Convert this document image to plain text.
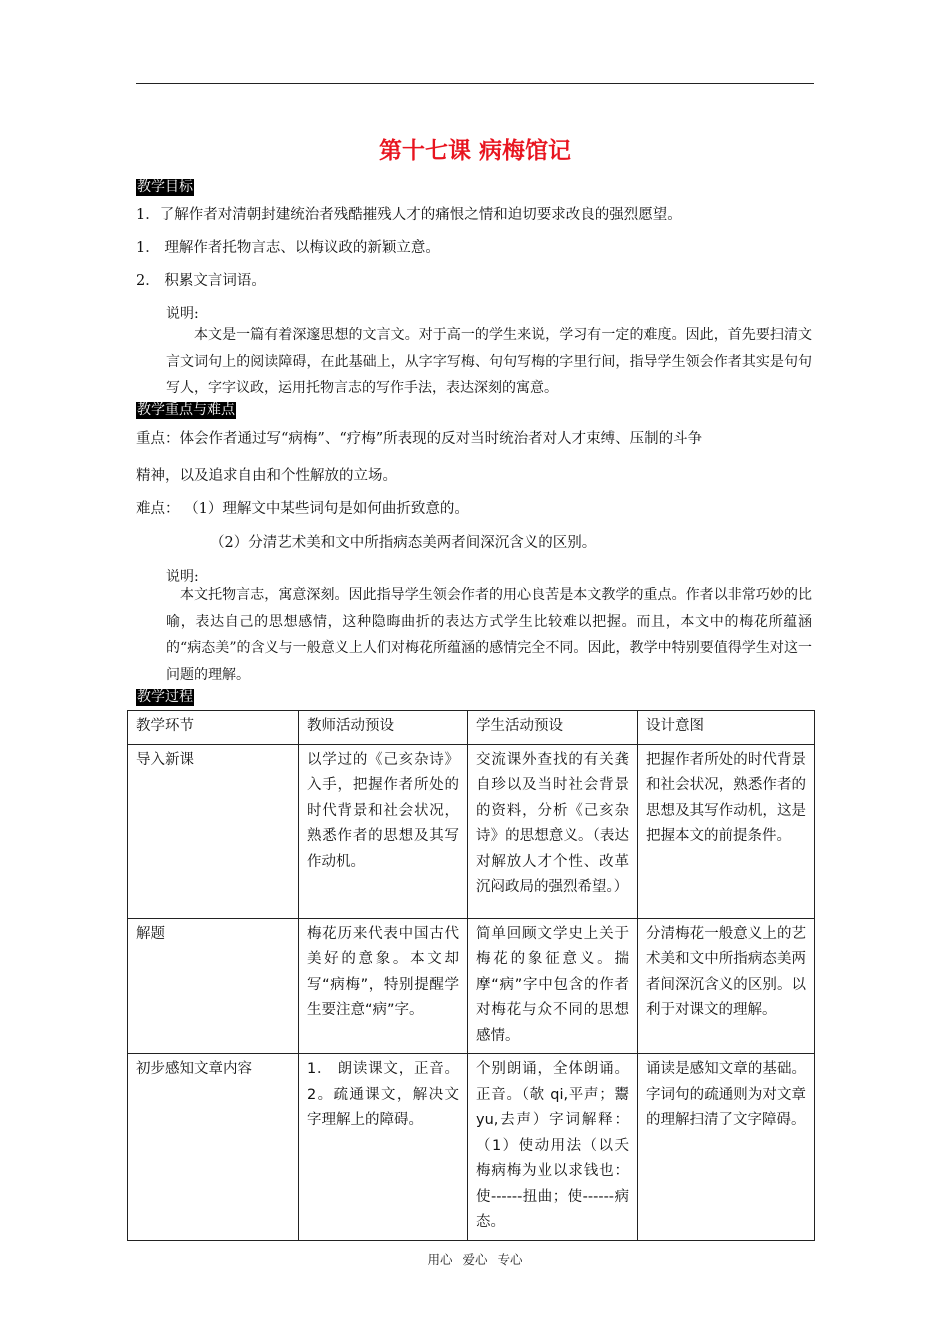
第十七课 病梅馆记
教学目标
1．了解作者对清朝封建统治者残酷摧残人才的痛恨之情和迫切要求改良的强烈愿望。
1． 理解作者托物言志、以梅议政的新颖立意。
2． 积累文言词语。
说明:
本文是一篇有着深邃思想的文言文。对于高一的学生来说，学习有一定的难度。因此，首先要扫清文言文词句上的阅读障碍，在此基础上，从字字写梅、句句写梅的字里行间，指导学生领会作者其实是句句写人，字字议政，运用托物言志的写作手法，表达深刻的寓意。
教学重点与难点
重点：体会作者通过写“病梅”、“疗梅”所表现的反对当时统治者对人才束缚、压制的斗争
精神，以及追求自由和个性解放的立场。
难点： （1）理解文中某些词句是如何曲折致意的。
（2）分清艺术美和文中所指病态美两者间深沉含义的区别。
说明:
本文托物言志，寓意深刻。因此指导学生领会作者的用心良苦是本文教学的重点。作者以非常巧妙的比喻，表达自己的思想感情，这种隐晦曲折的表达方式学生比较难以把握。而且，本文中的梅花所蕴涵的“病态美”的含义与一般意义上人们对梅花所蕴涵的感情完全不同。因此，教学中特别要值得学生对这一问题的理解。
教学过程
教学环节	教师活动预设	学生活动预设	设计意图
导入新课	以学过的《己亥杂诗》入手，把握作者所处的时代背景和社会状况，熟悉作者的思想及其写作动机。	交流课外查找的有关龚自珍以及当时社会背景的资料，分析《己亥杂诗》的思想意义。（表达对解放人才个性、改革沉闷政局的强烈希望。）	把握作者所处的时代背景和社会状况，熟悉作者的思想及其写作动机，这是把握本文的前提条件。
解题	梅花历来代表中国古代美好的意象。本文却写“病梅”，特别提醒学生要注意“病”字。	简单回顾文学史上关于梅花的象征意义。揣摩“病”字中包含的作者对梅花与众不同的思想感情。	分清梅花一般意义上的艺术美和文中所指病态美两者间深沉含义的区别。以利于对课文的理解。
初步感知文章内容	1． 朗读课文，正音。2。疏通课文，解决文字理解上的障碍。	个别朗诵，全体朗诵。正音。（欹 qi,平声；鬻 yu,去声）字词解释：（1）使动用法（以夭梅病梅为业以求钱也：使------扭曲；使------病态。	诵读是感知文章的基础。字词句的疏通则为对文章的理解扫清了文字障碍。
用心 爱心 专心
